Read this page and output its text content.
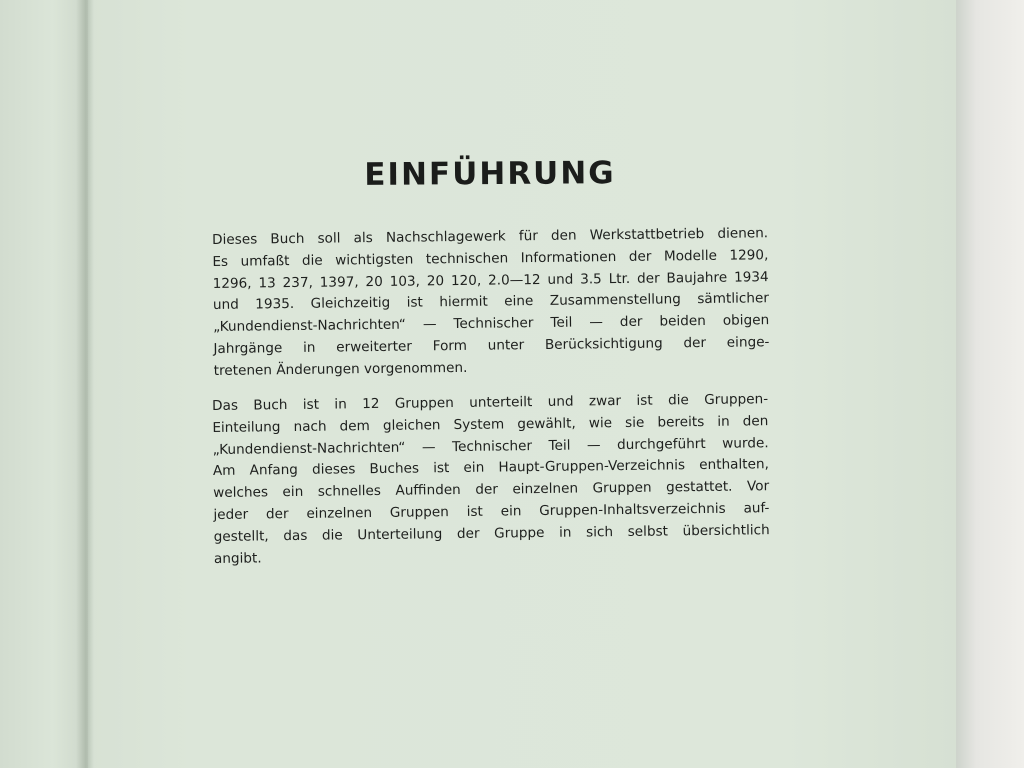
EINFÜHRUNG

Dieses Buch soll als Nachschlagewerk für den Werkstattbetrieb dienen.
Es umfaßt die wichtigsten technischen Informationen der Modelle 1290,
1296, 13 237, 1397, 20 103, 20 120, 2.0—12 und 3.5 Ltr. der Baujahre 1934
und 1935. Gleichzeitig ist hiermit eine Zusammenstellung sämtlicher
„Kundendienst-Nachrichten“ — Technischer Teil — der beiden obigen
Jahrgänge in erweiterter Form unter Berücksichtigung der einge-
tretenen Änderungen vorgenommen.

Das Buch ist in 12 Gruppen unterteilt und zwar ist die Gruppen-
Einteilung nach dem gleichen System gewählt, wie sie bereits in den
„Kundendienst-Nachrichten“ — Technischer Teil — durchgeführt wurde.
Am Anfang dieses Buches ist ein Haupt-Gruppen-Verzeichnis enthalten,
welches ein schnelles Auffinden der einzelnen Gruppen gestattet. Vor
jeder der einzelnen Gruppen ist ein Gruppen-Inhaltsverzeichnis auf-
gestellt, das die Unterteilung der Gruppe in sich selbst übersichtlich
angibt.
